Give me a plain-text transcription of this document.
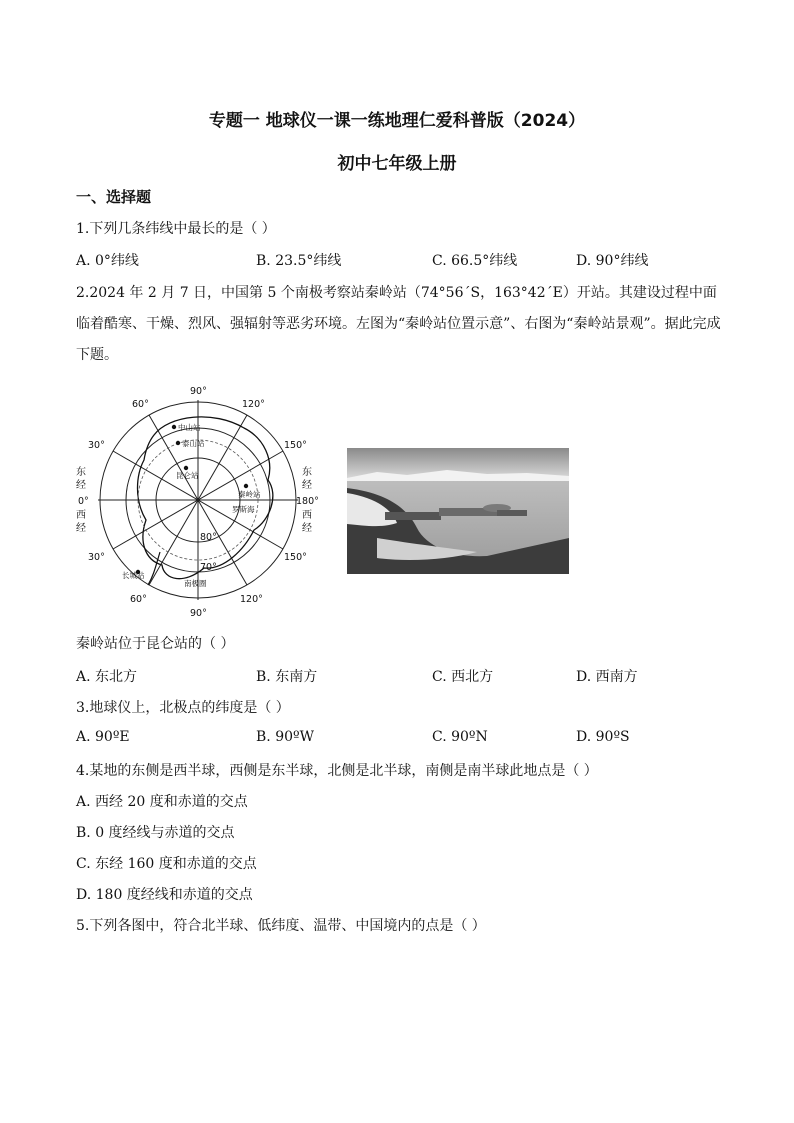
专题一 地球仪一课一练地理仁爱科普版（2024）
初中七年级上册
一、选择题
1.下列几条纬线中最长的是（ ）
A. 0°纬线	B. 23.5°纬线	C. 66.5°纬线	D. 90°纬线
2.2024 年 2 月 7 日，中国第 5 个南极考察站秦岭站（74°56ˊS，163°42ˊE）开站。其建设过程中面临着酷寒、干燥、烈风、强辐射等恶劣环境。左图为“秦岭站位置示意”、右图为“秦岭站景观”。据此完成下题。
90°
90°
60°	120°
30°	150°
30°	150°
60°	120°
0°	180°
80°
70°
东
经
西
经
东
经
西
经
中山站
泰山站
昆仑站
秦岭站
长城站
罗斯海
南极圈
秦岭站位于昆仑站的（ ）
A. 东北方	B. 东南方	C. 西北方	D. 西南方
3.地球仪上，北极点的纬度是（ ）
A. 90ºE	B. 90ºW	C. 90ºN	D. 90ºS
4.某地的东侧是西半球，西侧是东半球，北侧是北半球，南侧是南半球此地点是（ ）
A. 西经 20 度和赤道的交点
B. 0 度经线与赤道的交点
C. 东经 160 度和赤道的交点
D. 180 度经线和赤道的交点
5.下列各图中，符合北半球、低纬度、温带、中国境内的点是（ ）
